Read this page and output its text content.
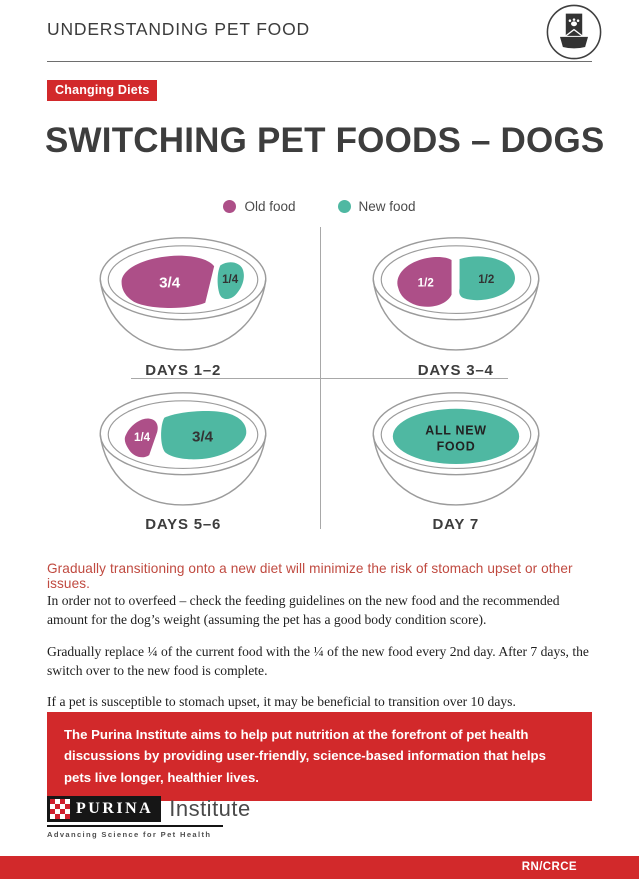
UNDERSTANDING PET FOOD
Changing Diets
SWITCHING PET FOODS – DOGS
Old food	New food
3/4	1/4
DAYS 1–2
1/2	1/2
DAYS 3–4
1/4 3/4
DAYS 5–6
ALL NEW
FOOD
DAY 7
Gradually transitioning onto a new diet will minimize the risk of stomach upset or other issues.

In order not to overfeed – check the feeding guidelines on the new food and the recommended amount for the dog’s weight (assuming the pet has a good body condition score).

Gradually replace ¼ of the current food with the ¼ of the new food every 2nd day. After 7 days, the switch over to the new food is complete.

If a pet is susceptible to stomach upset, it may be beneficial to transition over 10 days.

The Purina Institute aims to help put nutrition at the forefront of pet health discussions by providing user-friendly, science-based information that helps pets live longer, healthier lives.
PURINA Institute
Advancing Science for Pet Health
RN/CRCE
